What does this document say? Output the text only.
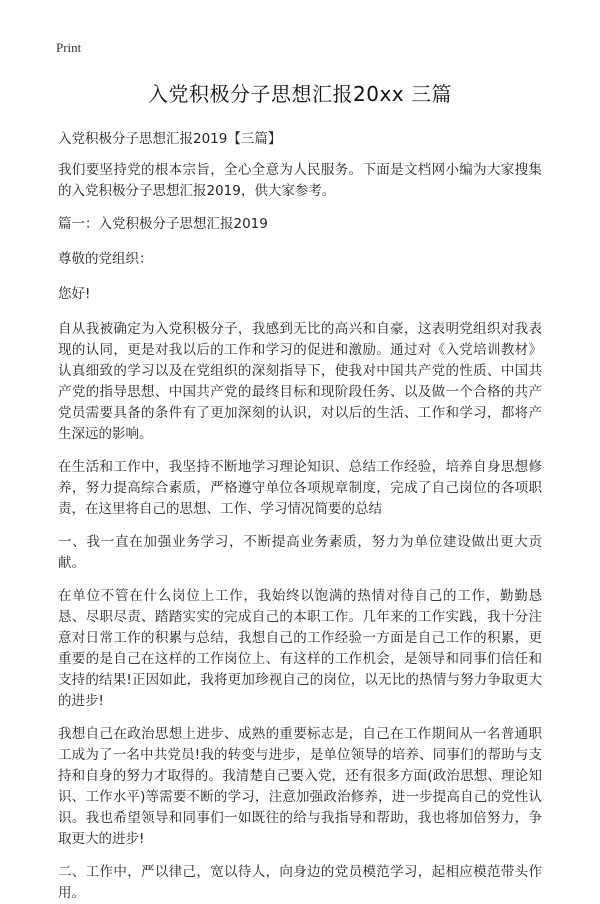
Print
入党积极分子思想汇报20xx 三篇
入党积极分子思想汇报2019【三篇】

我们要坚持党的根本宗旨，全心全意为人民服务。下面是文档网小编为大家搜集的入党积极分子思想汇报2019，供大家参考。

篇一：入党积极分子思想汇报2019

尊敬的党组织：

您好!

自从我被确定为入党积极分子，我感到无比的高兴和自豪，这表明党组织对我表现的认同，更是对我以后的工作和学习的促进和激励。通过对《入党培训教材》认真细致的学习以及在党组织的深刻指导下，使我对中国共产党的性质、中国共产党的指导思想、中国共产党的最终目标和现阶段任务、以及做一个合格的共产党员需要具备的条件有了更加深刻的认识，对以后的生活、工作和学习，都将产生深远的影响。

在生活和工作中，我坚持不断地学习理论知识、总结工作经验，培养自身思想修养，努力提高综合素质，严格遵守单位各项规章制度，完成了自己岗位的各项职责，在这里将自己的思想、工作、学习情况简要的总结

一、我一直在加强业务学习，不断提高业务素质，努力为单位建设做出更大贡献。

在单位不管在什么岗位上工作，我始终以饱满的热情对待自己的工作，勤勤恳恳、尽职尽责、踏踏实实的完成自己的本职工作。几年来的工作实践，我十分注意对日常工作的积累与总结，我想自己的工作经验一方面是自己工作的积累，更重要的是自己在这样的工作岗位上、有这样的工作机会，是领导和同事们信任和支持的结果!正因如此，我将更加珍视自己的岗位，以无比的热情与努力争取更大的进步!

我想自己在政治思想上进步、成熟的重要标志是，自己在工作期间从一名普通职工成为了一名中共党员!我的转变与进步，是单位领导的培养、同事们的帮助与支持和自身的努力才取得的。我清楚自己要入党，还有很多方面(政治思想、理论知识、工作水平)等需要不断的学习，注意加强政治修养，进一步提高自己的党性认识。我也希望领导和同事们一如既往的给与我指导和帮助，我也将加倍努力，争取更大的进步!

二、工作中，严以律己，宽以待人，向身边的党员模范学习，起相应模范带头作用。
